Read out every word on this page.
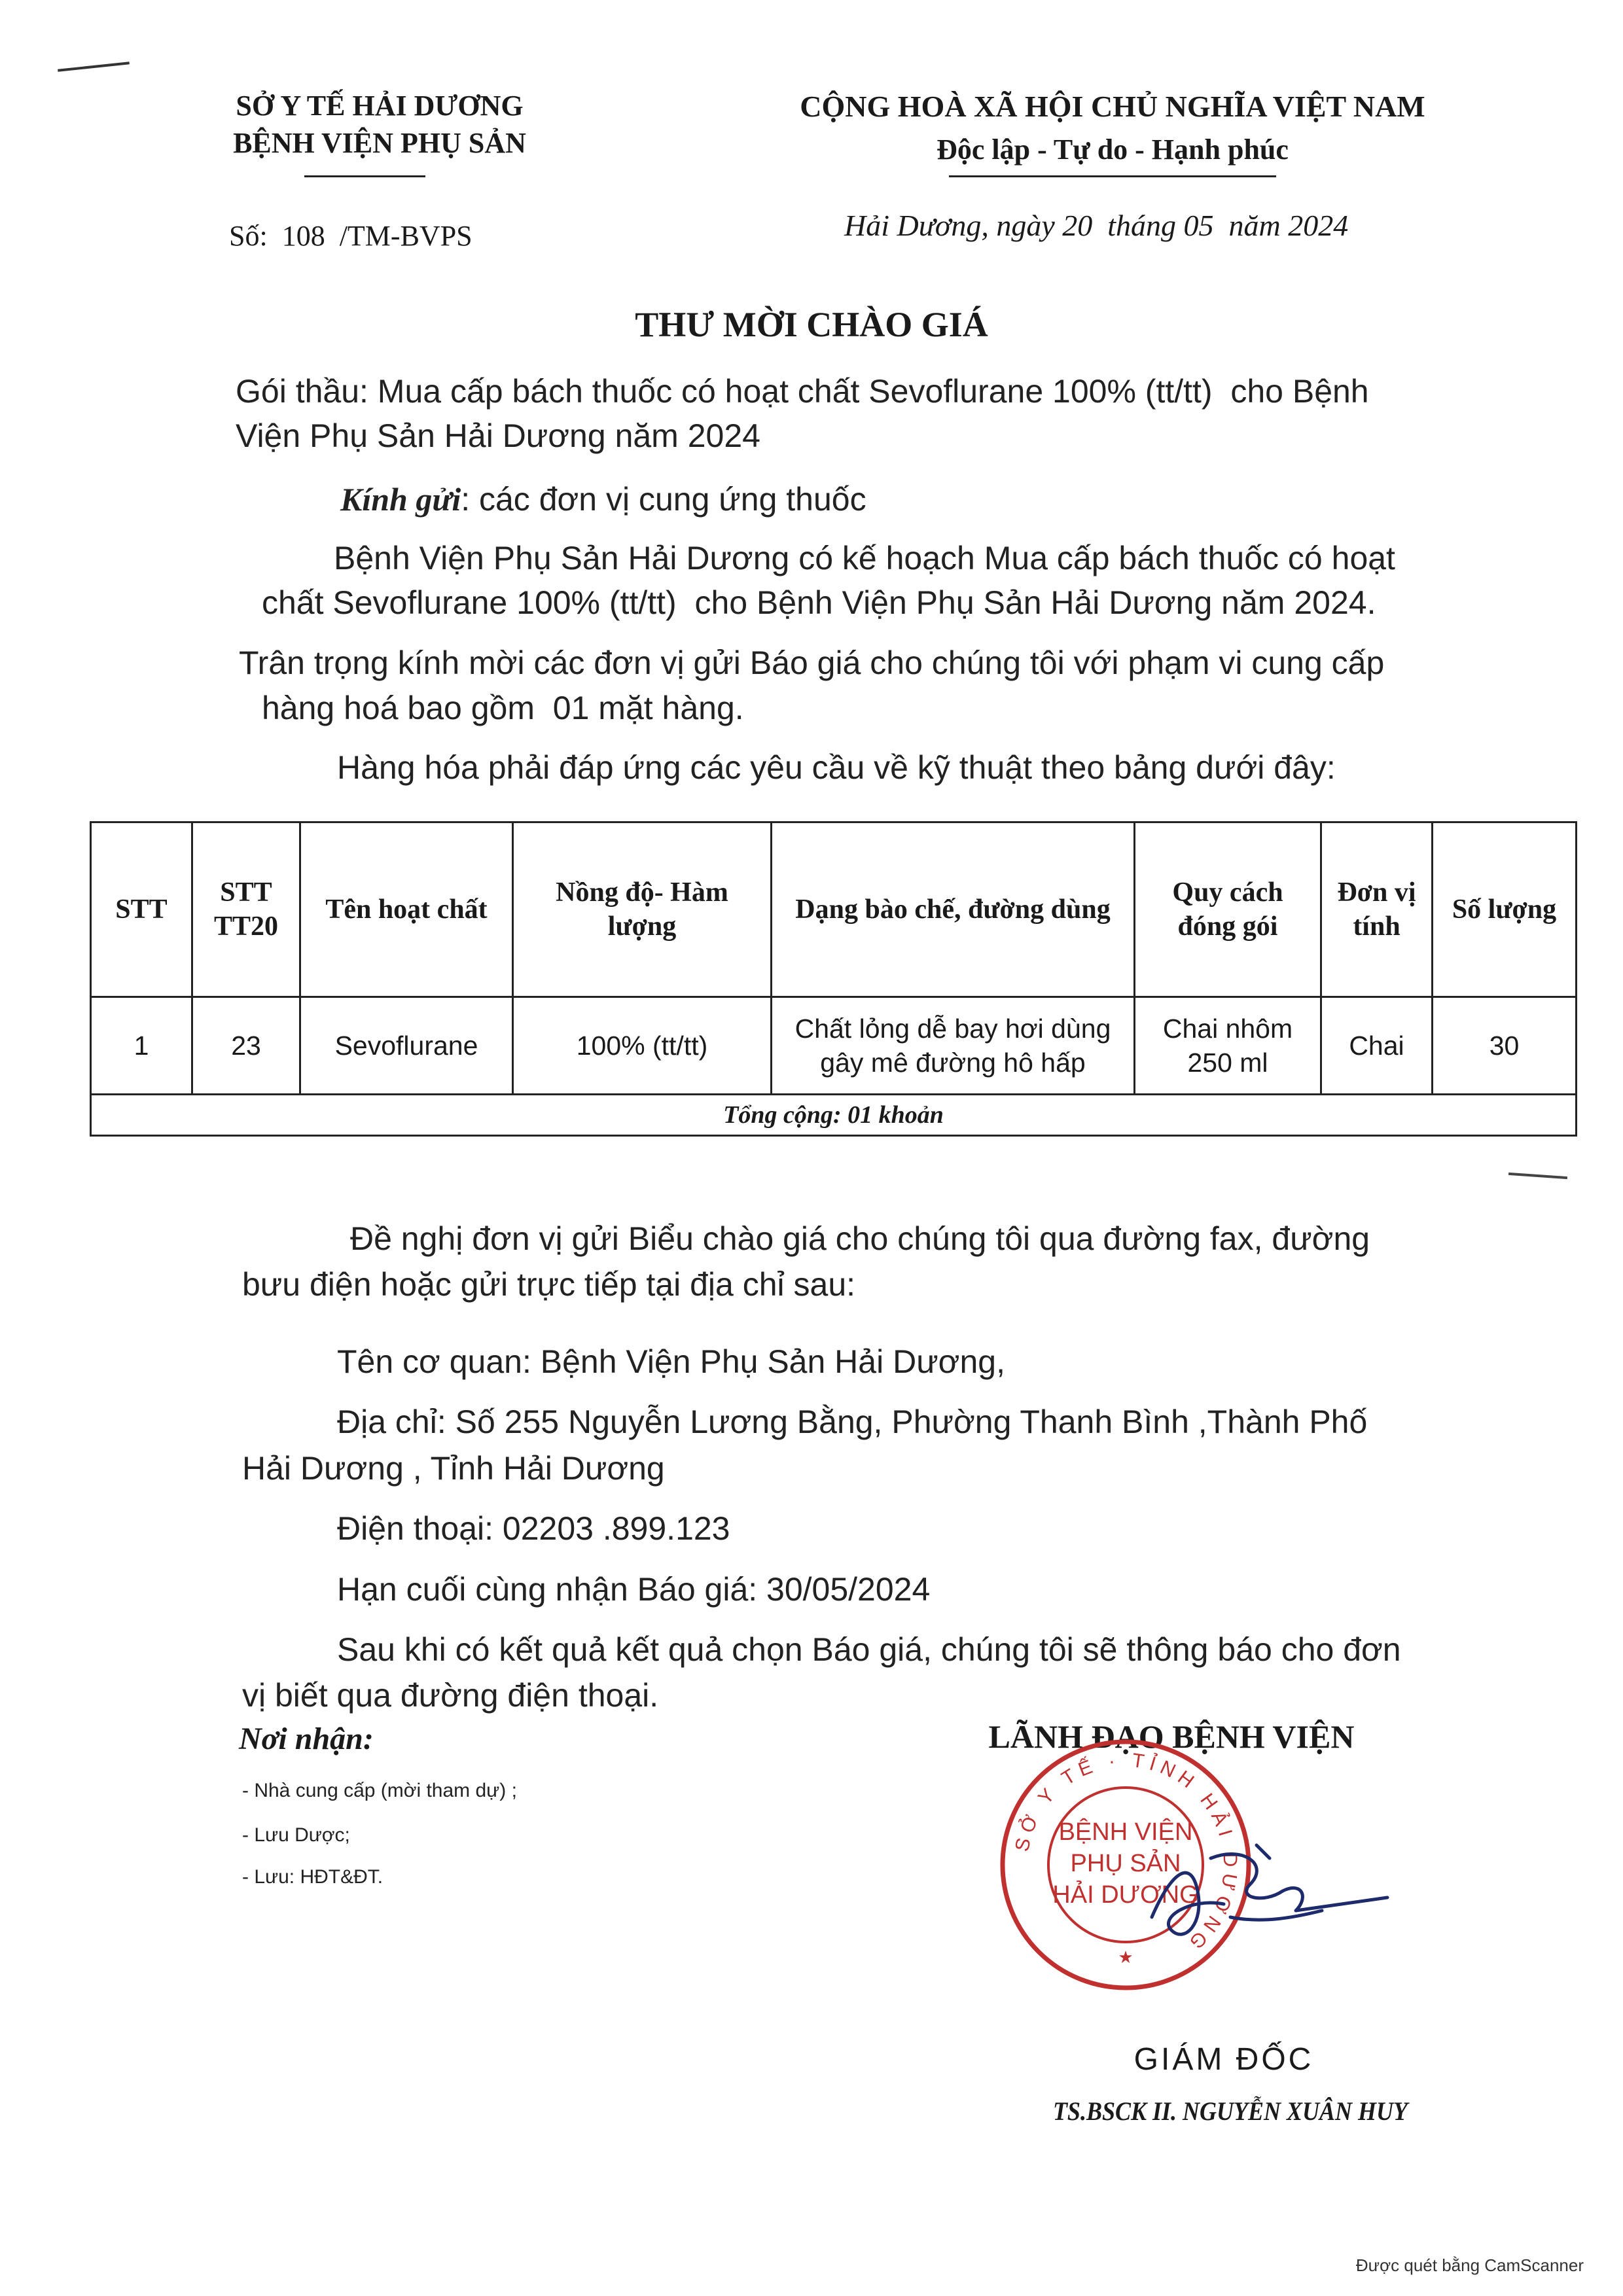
SỞ Y TẾ HẢI DƯƠNG
BỆNH VIỆN PHỤ SẢN
CỘNG HOÀ XÃ HỘI CHỦ NGHĨA VIỆT NAM
Độc lập - Tự do - Hạnh phúc
Số:  108  /TM-BVPS	Hải Dương, ngày 20  tháng 05  năm 2024
THƯ MỜI CHÀO GIÁ
Gói thầu: Mua cấp bách thuốc có hoạt chất Sevoflurane 100% (tt/tt)  cho Bệnh
Viện Phụ Sản Hải Dương năm 2024
Kính gửi: các đơn vị cung ứng thuốc
Bệnh Viện Phụ Sản Hải Dương có kế hoạch Mua cấp bách thuốc có hoạt
chất Sevoflurane 100% (tt/tt)  cho Bệnh Viện Phụ Sản Hải Dương năm 2024.
Trân trọng kính mời các đơn vị gửi Báo giá cho chúng tôi với phạm vi cung cấp
hàng hoá bao gồm  01 mặt hàng.
Hàng hóa phải đáp ứng các yêu cầu về kỹ thuật theo bảng dưới đây:
STT	STT TT20	Tên hoạt chất	Nồng độ- Hàm lượng	Dạng bào chế, đường dùng	Quy cách đóng gói	Đơn vị tính	Số lượng
1	23	Sevoflurane	100% (tt/tt)	Chất lỏng dễ bay hơi dùng gây mê đường hô hấp	Chai nhôm 250 ml	Chai	30
Tổng cộng: 01 khoản							
Đề nghị đơn vị gửi Biểu chào giá cho chúng tôi qua đường fax, đường
bưu điện hoặc gửi trực tiếp tại địa chỉ sau:
Tên cơ quan: Bệnh Viện Phụ Sản Hải Dương,
Địa chỉ: Số 255 Nguyễn Lương Bằng, Phường Thanh Bình ,Thành Phố
Hải Dương , Tỉnh Hải Dương
Điện thoại: 02203 .899.123
Hạn cuối cùng nhận Báo giá: 30/05/2024
Sau khi có kết quả kết quả chọn Báo giá, chúng tôi sẽ thông báo cho đơn
vị biết qua đường điện thoại.
Nơi nhận:
- Nhà cung cấp (mời tham dự) ;
- Lưu Dược;
- Lưu: HĐT&ĐT.
LÃNH ĐẠO BỆNH VIỆN
SỞ Y TẾ · TỈNH HẢI DƯƠNG
BỆNH VIỆN
PHỤ SẢN
HẢI DƯƠNG
★
GIÁM ĐỐC
TS.BSCK II. NGUYỄN XUÂN HUY
Được quét bằng CamScanner
